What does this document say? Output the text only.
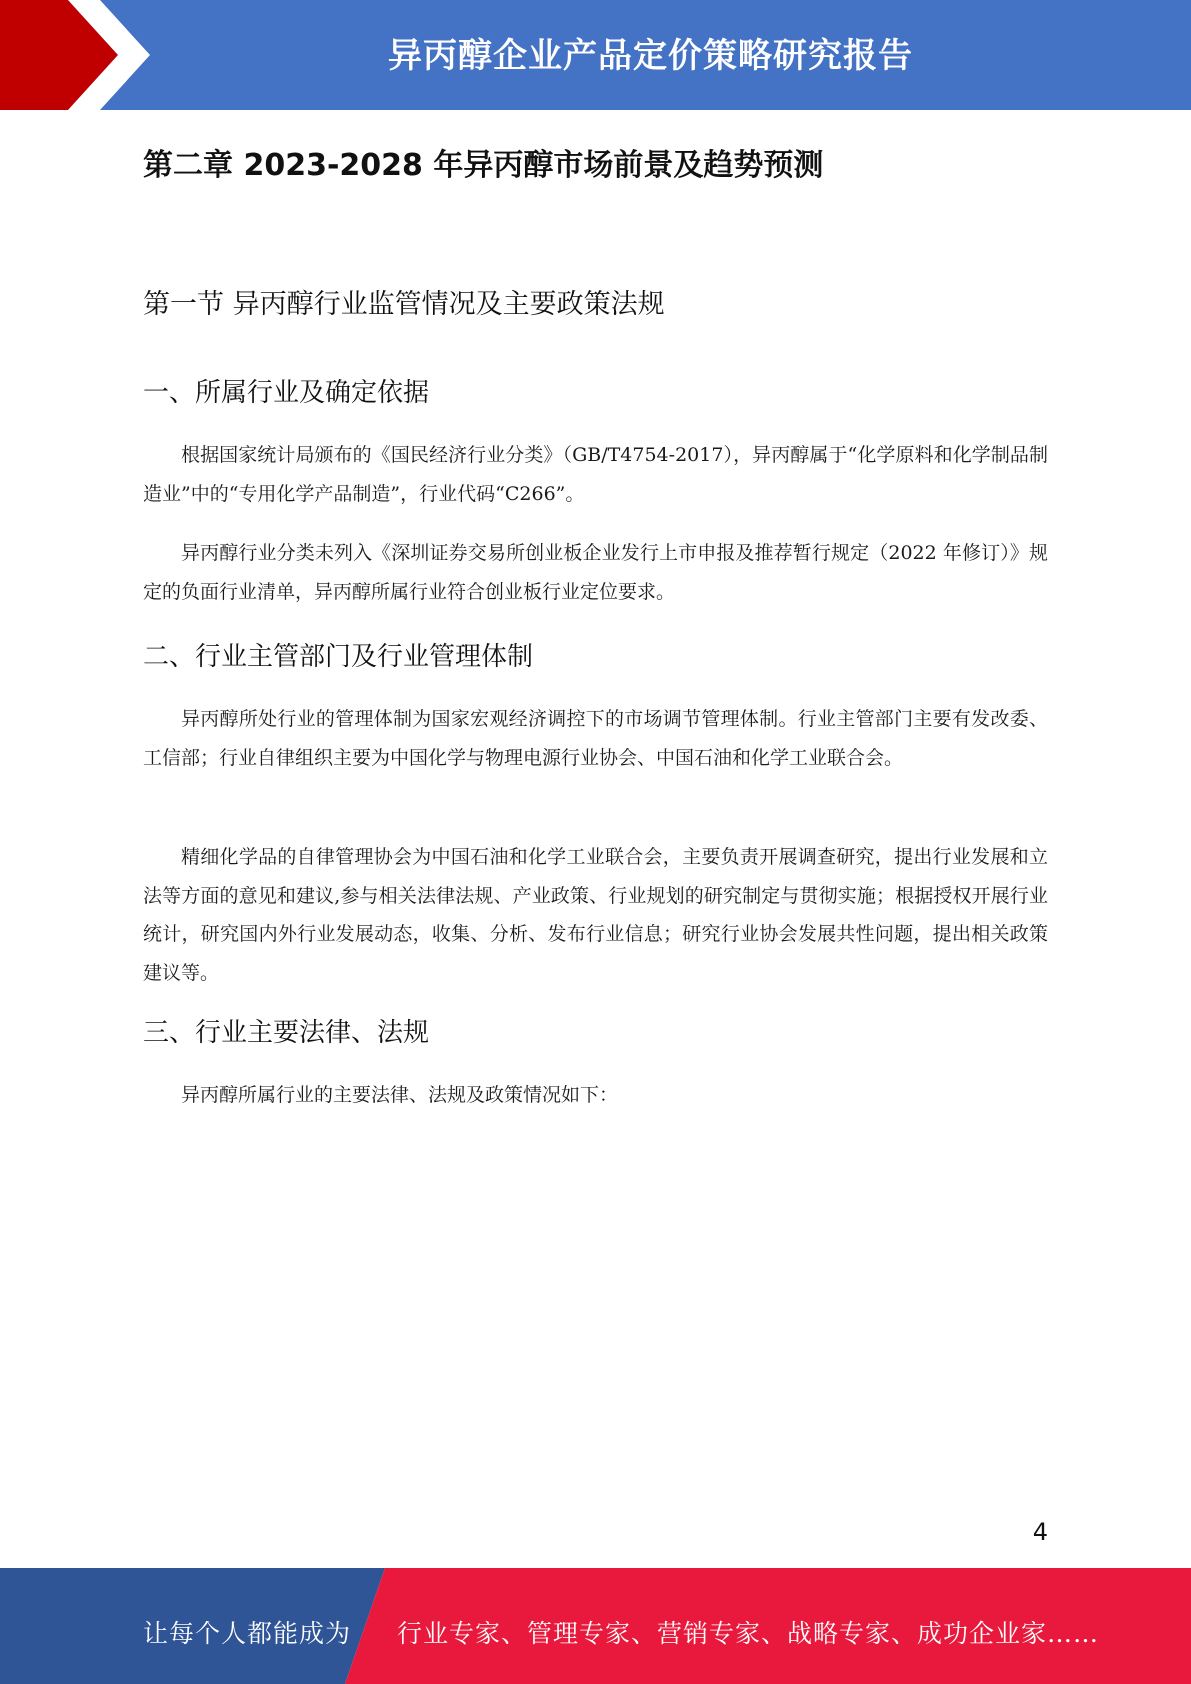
异丙醇企业产品定价策略研究报告
第二章 2023-2028 年异丙醇市场前景及趋势预测
第一节 异丙醇行业监管情况及主要政策法规
一、所属行业及确定依据

根据国家统计局颁布的《国民经济行业分类》（GB/T4754-2017），异丙醇属于“化学原料和化学制品制造业”中的“专用化学产品制造”，行业代码“C266”。

异丙醇行业分类未列入《深圳证券交易所创业板企业发行上市申报及推荐暂行规定（2022 年修订）》规定的负面行业清单，异丙醇所属行业符合创业板行业定位要求。

二、行业主管部门及行业管理体制

异丙醇所处行业的管理体制为国家宏观经济调控下的市场调节管理体制。行业主管部门主要有发改委、工信部；行业自律组织主要为中国化学与物理电源行业协会、中国石油和化学工业联合会。

精细化学品的自律管理协会为中国石油和化学工业联合会，主要负责开展调查研究，提出行业发展和立法等方面的意见和建议,参与相关法律法规、产业政策、行业规划的研究制定与贯彻实施；根据授权开展行业统计，研究国内外行业发展动态，收集、分析、发布行业信息；研究行业协会发展共性问题，提出相关政策建议等。

三、行业主要法律、法规

异丙醇所属行业的主要法律、法规及政策情况如下：

4
让每个人都能成为 行业专家、管理专家、营销专家、战略专家、成功企业家……
